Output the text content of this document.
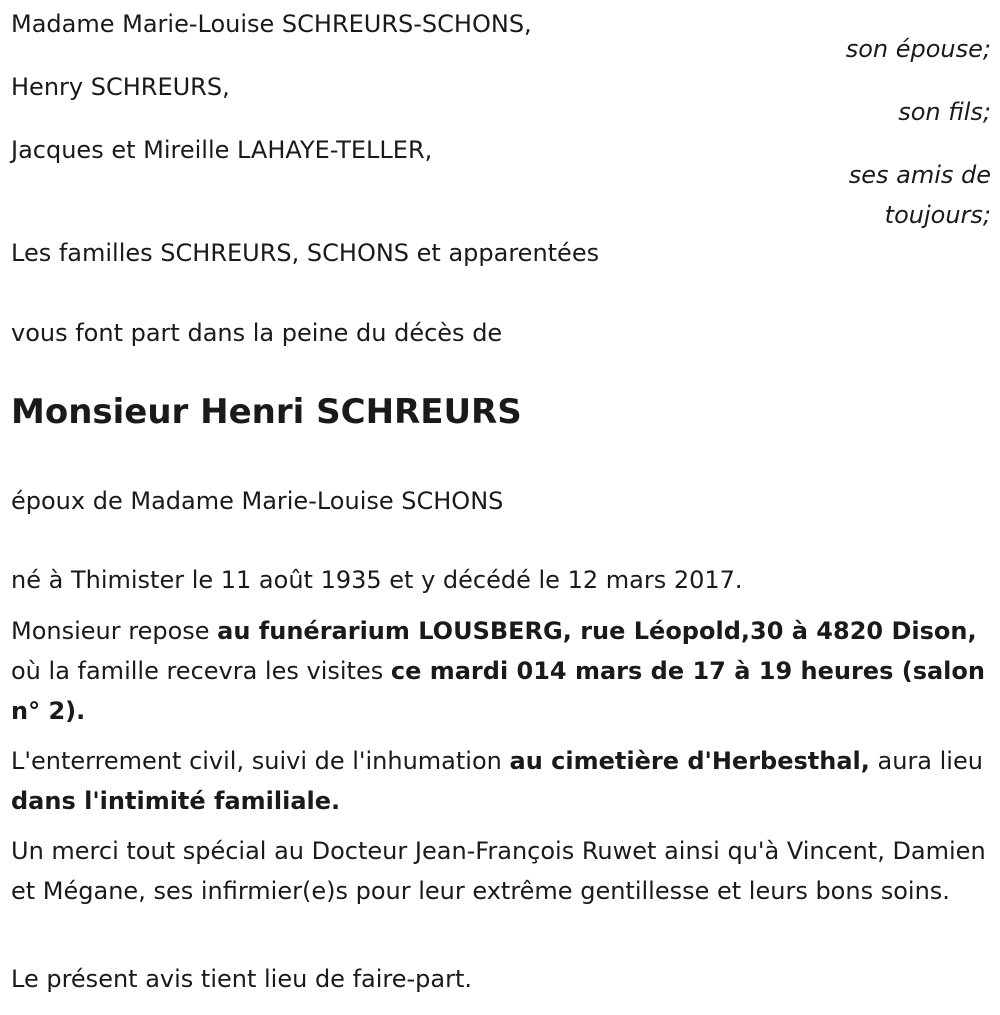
Madame Marie-Louise SCHREURS-SCHONS,
son épouse;
Henry SCHREURS,
son fils;
Jacques et Mireille LAHAYE-TELLER,
ses amis de
toujours;
Les familles SCHREURS, SCHONS et apparentées
vous font part dans la peine du décès de
Monsieur Henri SCHREURS
époux de Madame Marie-Louise SCHONS
né à Thimister le 11 août 1935 et y décédé le 12 mars 2017.
Monsieur repose au funérarium LOUSBERG, rue Léopold,30 à 4820 Dison, où la famille recevra les visites ce mardi 014 mars de 17 à 19 heures (salon n° 2).
L'enterrement civil, suivi de l'inhumation au cimetière d'Herbesthal, aura lieu dans l'intimité familiale.
Un merci tout spécial au Docteur Jean-François Ruwet ainsi qu'à Vincent, Damien et Mégane, ses infirmier(e)s pour leur extrême gentillesse et leurs bons soins.
Le présent avis tient lieu de faire-part.
